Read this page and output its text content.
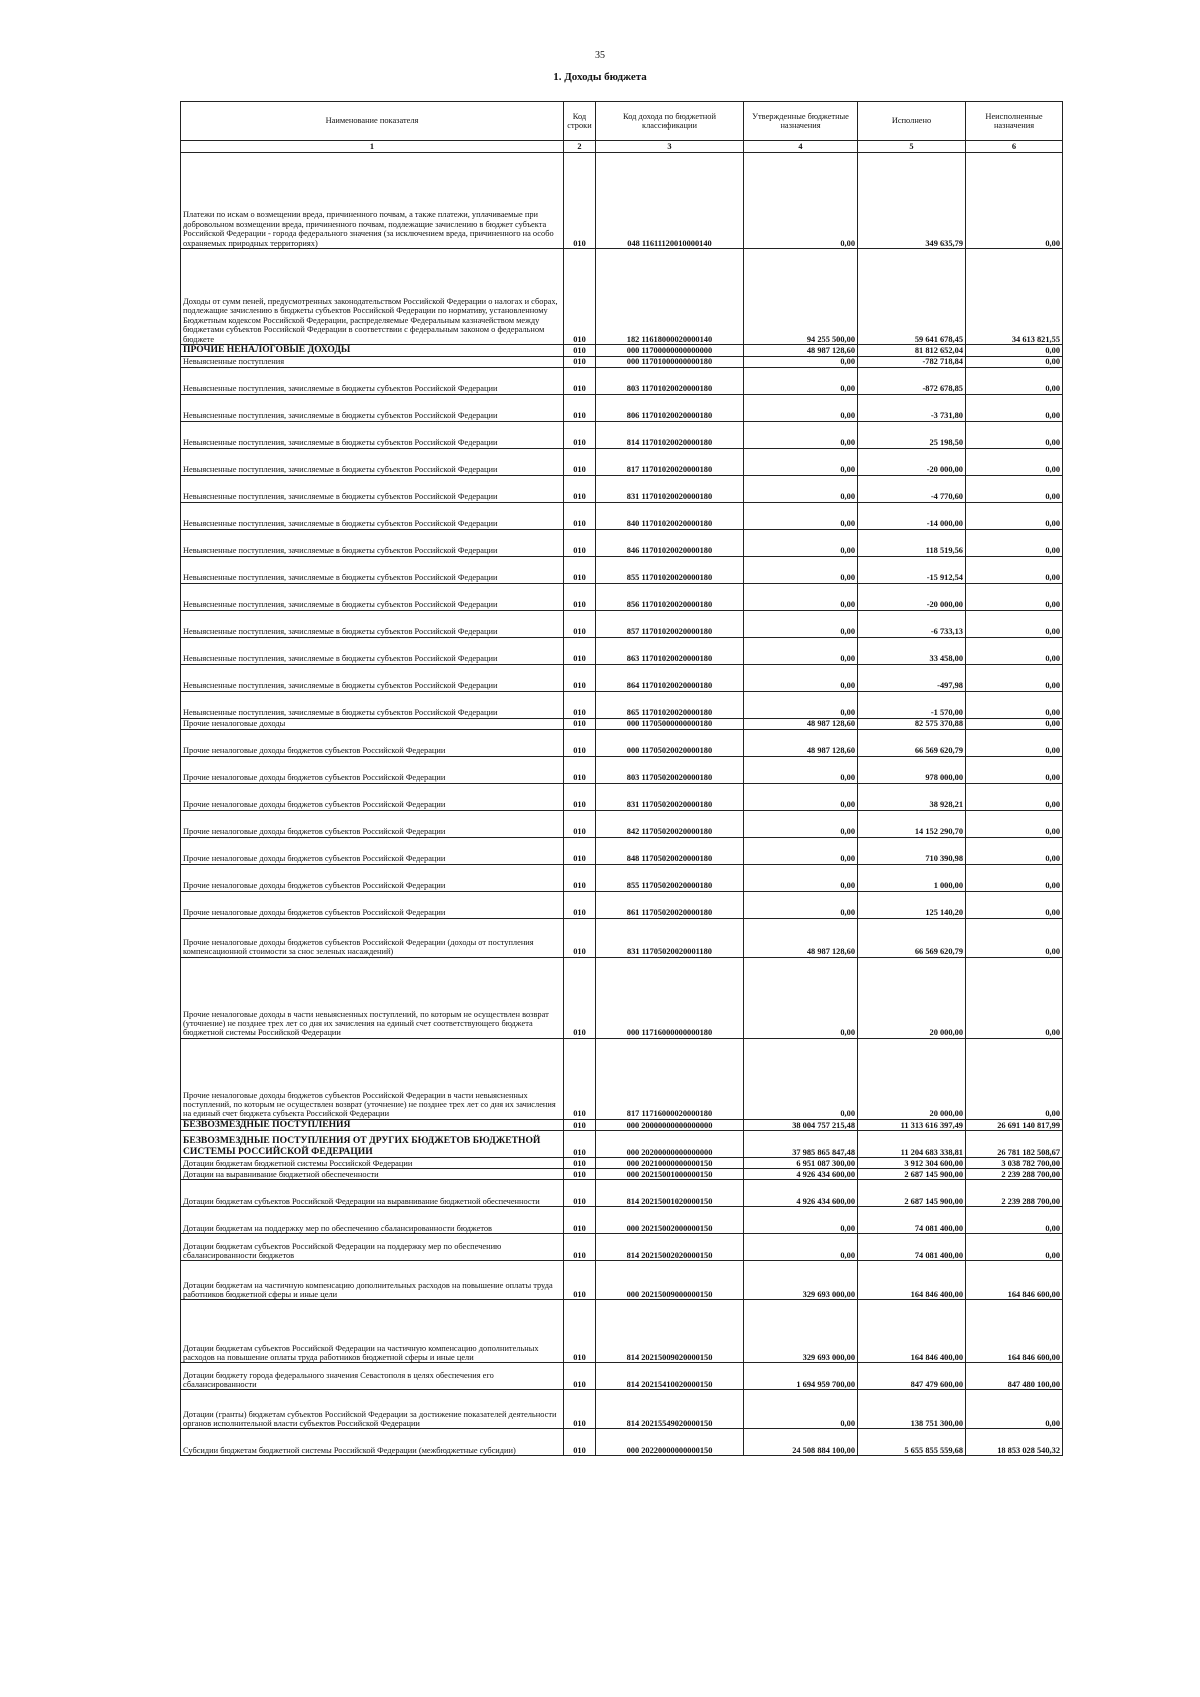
35
1. Доходы бюджета
Наименование показателя	Код строки	Код дохода по бюджетной классификации	Утвержденные бюджетные назначения	Исполнено	Неисполненные назначения
1	2	3	4	5	6
Платежи по искам о возмещении вреда, причиненного почвам, а также платежи, уплачиваемые при добровольном возмещении вреда, причиненного почвам, подлежащие зачислению в бюджет субъекта Российской Федерации - города федерального значения (за исключением вреда, причиненного на особо охраняемых природных территориях)	010	048 11611120010000140	0,00	349 635,79	0,00
Доходы от сумм пеней, предусмотренных законодательством Российской Федерации о налогах и сборах, подлежащие зачислению в бюджеты субъектов Российской Федерации по нормативу, установленному Бюджетным кодексом Российской Федерации, распределяемые Федеральным казначейством между бюджетами субъектов Российской Федерации в соответствии с федеральным законом о федеральном бюджете	010	182 11618000020000140	94 255 500,00	59 641 678,45	34 613 821,55
ПРОЧИЕ НЕНАЛОГОВЫЕ ДОХОДЫ	010	000 11700000000000000	48 987 128,60	81 812 652,04	0,00
Невыясненные поступления	010	000 11701000000000180	0,00	-782 718,84	0,00
Невыясненные поступления, зачисляемые в бюджеты субъектов Российской Федерации	010	803 11701020020000180	0,00	-872 678,85	0,00
Невыясненные поступления, зачисляемые в бюджеты субъектов Российской Федерации	010	806 11701020020000180	0,00	-3 731,80	0,00
Невыясненные поступления, зачисляемые в бюджеты субъектов Российской Федерации	010	814 11701020020000180	0,00	25 198,50	0,00
Невыясненные поступления, зачисляемые в бюджеты субъектов Российской Федерации	010	817 11701020020000180	0,00	-20 000,00	0,00
Невыясненные поступления, зачисляемые в бюджеты субъектов Российской Федерации	010	831 11701020020000180	0,00	-4 770,60	0,00
Невыясненные поступления, зачисляемые в бюджеты субъектов Российской Федерации	010	840 11701020020000180	0,00	-14 000,00	0,00
Невыясненные поступления, зачисляемые в бюджеты субъектов Российской Федерации	010	846 11701020020000180	0,00	118 519,56	0,00
Невыясненные поступления, зачисляемые в бюджеты субъектов Российской Федерации	010	855 11701020020000180	0,00	-15 912,54	0,00
Невыясненные поступления, зачисляемые в бюджеты субъектов Российской Федерации	010	856 11701020020000180	0,00	-20 000,00	0,00
Невыясненные поступления, зачисляемые в бюджеты субъектов Российской Федерации	010	857 11701020020000180	0,00	-6 733,13	0,00
Невыясненные поступления, зачисляемые в бюджеты субъектов Российской Федерации	010	863 11701020020000180	0,00	33 458,00	0,00
Невыясненные поступления, зачисляемые в бюджеты субъектов Российской Федерации	010	864 11701020020000180	0,00	-497,98	0,00
Невыясненные поступления, зачисляемые в бюджеты субъектов Российской Федерации	010	865 11701020020000180	0,00	-1 570,00	0,00
Прочие неналоговые доходы	010	000 11705000000000180	48 987 128,60	82 575 370,88	0,00
Прочие неналоговые доходы бюджетов субъектов Российской Федерации	010	000 11705020020000180	48 987 128,60	66 569 620,79	0,00
Прочие неналоговые доходы бюджетов субъектов Российской Федерации	010	803 11705020020000180	0,00	978 000,00	0,00
Прочие неналоговые доходы бюджетов субъектов Российской Федерации	010	831 11705020020000180	0,00	38 928,21	0,00
Прочие неналоговые доходы бюджетов субъектов Российской Федерации	010	842 11705020020000180	0,00	14 152 290,70	0,00
Прочие неналоговые доходы бюджетов субъектов Российской Федерации	010	848 11705020020000180	0,00	710 390,98	0,00
Прочие неналоговые доходы бюджетов субъектов Российской Федерации	010	855 11705020020000180	0,00	1 000,00	0,00
Прочие неналоговые доходы бюджетов субъектов Российской Федерации	010	861 11705020020000180	0,00	125 140,20	0,00
Прочие неналоговые доходы бюджетов субъектов Российской Федерации (доходы от поступления компенсационной стоимости за снос зеленых насаждений)	010	831 11705020020001180	48 987 128,60	66 569 620,79	0,00
Прочие неналоговые доходы в части невыясненных поступлений, по которым не осуществлен возврат (уточнение) не позднее трех лет со дня их зачисления на единый счет соответствующего бюджета бюджетной системы Российской Федерации	010	000 11716000000000180	0,00	20 000,00	0,00
Прочие неналоговые доходы бюджетов субъектов Российской Федерации в части невыясненных поступлений, по которым не осуществлен возврат (уточнение) не позднее трех лет со дня их зачисления на единый счет бюджета субъекта Российской Федерации	010	817 11716000020000180	0,00	20 000,00	0,00
БЕЗВОЗМЕЗДНЫЕ ПОСТУПЛЕНИЯ	010	000 20000000000000000	38 004 757 215,48	11 313 616 397,49	26 691 140 817,99
БЕЗВОЗМЕЗДНЫЕ ПОСТУПЛЕНИЯ ОТ ДРУГИХ БЮДЖЕТОВ БЮДЖЕТНОЙ СИСТЕМЫ РОССИЙСКОЙ ФЕДЕРАЦИИ	010	000 20200000000000000	37 985 865 847,48	11 204 683 338,81	26 781 182 508,67
Дотации бюджетам бюджетной системы Российской Федерации	010	000 20210000000000150	6 951 087 300,00	3 912 304 600,00	3 038 782 700,00
Дотации на выравнивание бюджетной обеспеченности	010	000 20215001000000150	4 926 434 600,00	2 687 145 900,00	2 239 288 700,00
Дотации бюджетам субъектов Российской Федерации на выравнивание бюджетной обеспеченности	010	814 20215001020000150	4 926 434 600,00	2 687 145 900,00	2 239 288 700,00
Дотации бюджетам на поддержку мер по обеспечению сбалансированности бюджетов	010	000 20215002000000150	0,00	74 081 400,00	0,00
Дотации бюджетам субъектов Российской Федерации на поддержку мер по обеспечению сбалансированности бюджетов	010	814 20215002020000150	0,00	74 081 400,00	0,00
Дотации бюджетам на частичную компенсацию дополнительных расходов на повышение оплаты труда работников бюджетной сферы и иные цели	010	000 20215009000000150	329 693 000,00	164 846 400,00	164 846 600,00
Дотации бюджетам субъектов Российской Федерации на частичную компенсацию дополнительных расходов на повышение оплаты труда работников бюджетной сферы и иные цели	010	814 20215009020000150	329 693 000,00	164 846 400,00	164 846 600,00
Дотации бюджету города федерального значения Севастополя в целях обеспечения его сбалансированности	010	814 20215410020000150	1 694 959 700,00	847 479 600,00	847 480 100,00
Дотации (гранты) бюджетам субъектов Российской Федерации за достижение показателей деятельности органов исполнительной власти субъектов Российской Федерации	010	814 20215549020000150	0,00	138 751 300,00	0,00
Субсидии бюджетам бюджетной системы Российской Федерации (межбюджетные субсидии)	010	000 20220000000000150	24 508 884 100,00	5 655 855 559,68	18 853 028 540,32
